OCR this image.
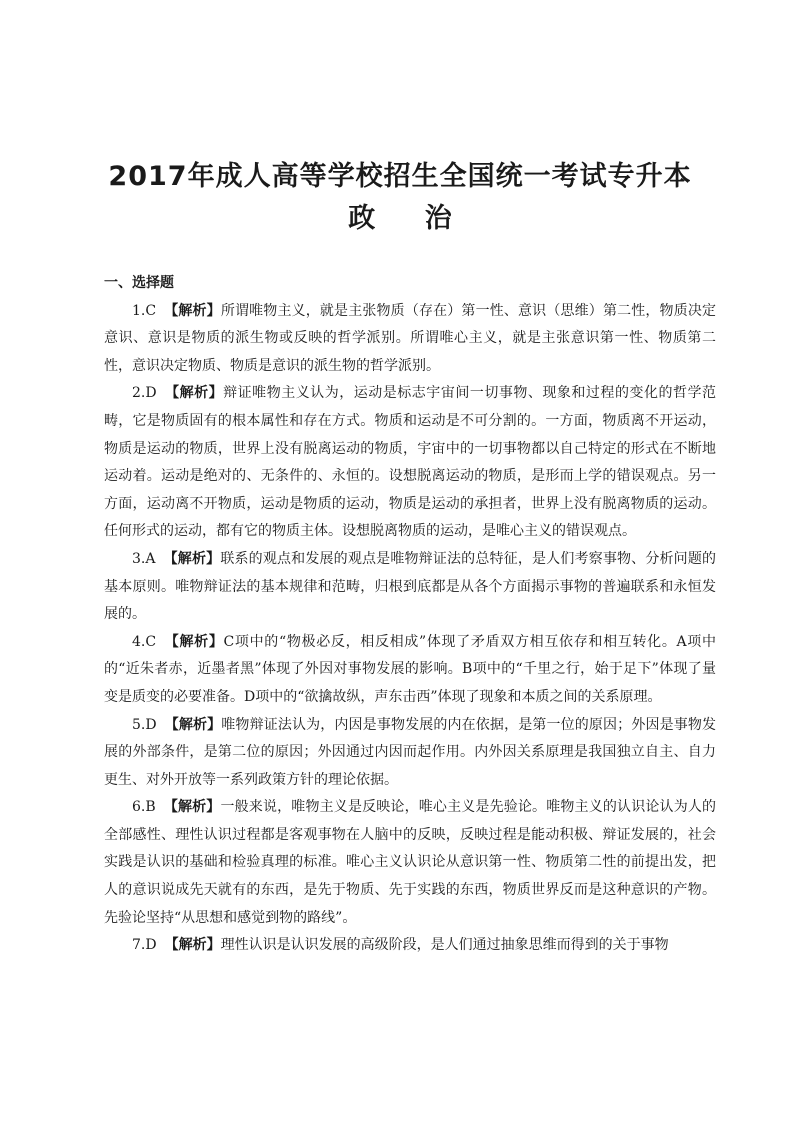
2017年成人高等学校招生全国统一考试专升本
政 治

一、选择题

1.C 【解析】所谓唯物主义，就是主张物质（存在）第一性、意识（思维）第二性，物质决定意识、意识是物质的派生物或反映的哲学派别。所谓唯心主义，就是主张意识第一性、物质第二性，意识决定物质、物质是意识的派生物的哲学派别。

2.D 【解析】辩证唯物主义认为，运动是标志宇宙间一切事物、现象和过程的变化的哲学范畴，它是物质固有的根本属性和存在方式。物质和运动是不可分割的。一方面，物质离不开运动，物质是运动的物质，世界上没有脱离运动的物质，宇宙中的一切事物都以自己特定的形式在不断地运动着。运动是绝对的、无条件的、永恒的。设想脱离运动的物质，是形而上学的错误观点。另一方面，运动离不开物质，运动是物质的运动，物质是运动的承担者，世界上没有脱离物质的运动。任何形式的运动，都有它的物质主体。设想脱离物质的运动，是唯心主义的错误观点。

3.A 【解析】联系的观点和发展的观点是唯物辩证法的总特征，是人们考察事物、分析问题的基本原则。唯物辩证法的基本规律和范畴，归根到底都是从各个方面揭示事物的普遍联系和永恒发展的。

4.C 【解析】C项中的“物极必反，相反相成”体现了矛盾双方相互依存和相互转化。A项中的“近朱者赤，近墨者黑”体现了外因对事物发展的影响。B项中的“千里之行，始于足下”体现了量变是质变的必要准备。D项中的“欲擒故纵，声东击西”体现了现象和本质之间的关系原理。

5.D 【解析】唯物辩证法认为，内因是事物发展的内在依据，是第一位的原因；外因是事物发展的外部条件，是第二位的原因；外因通过内因而起作用。内外因关系原理是我国独立自主、自力更生、对外开放等一系列政策方针的理论依据。

6.B 【解析】一般来说，唯物主义是反映论，唯心主义是先验论。唯物主义的认识论认为人的全部感性、理性认识过程都是客观事物在人脑中的反映，反映过程是能动积极、辩证发展的，社会实践是认识的基础和检验真理的标准。唯心主义认识论从意识第一性、物质第二性的前提出发，把人的意识说成先天就有的东西，是先于物质、先于实践的东西，物质世界反而是这种意识的产物。先验论坚持“从思想和感觉到物的路线”。

7.D 【解析】理性认识是认识发展的高级阶段，是人们通过抽象思维而得到的关于事物
